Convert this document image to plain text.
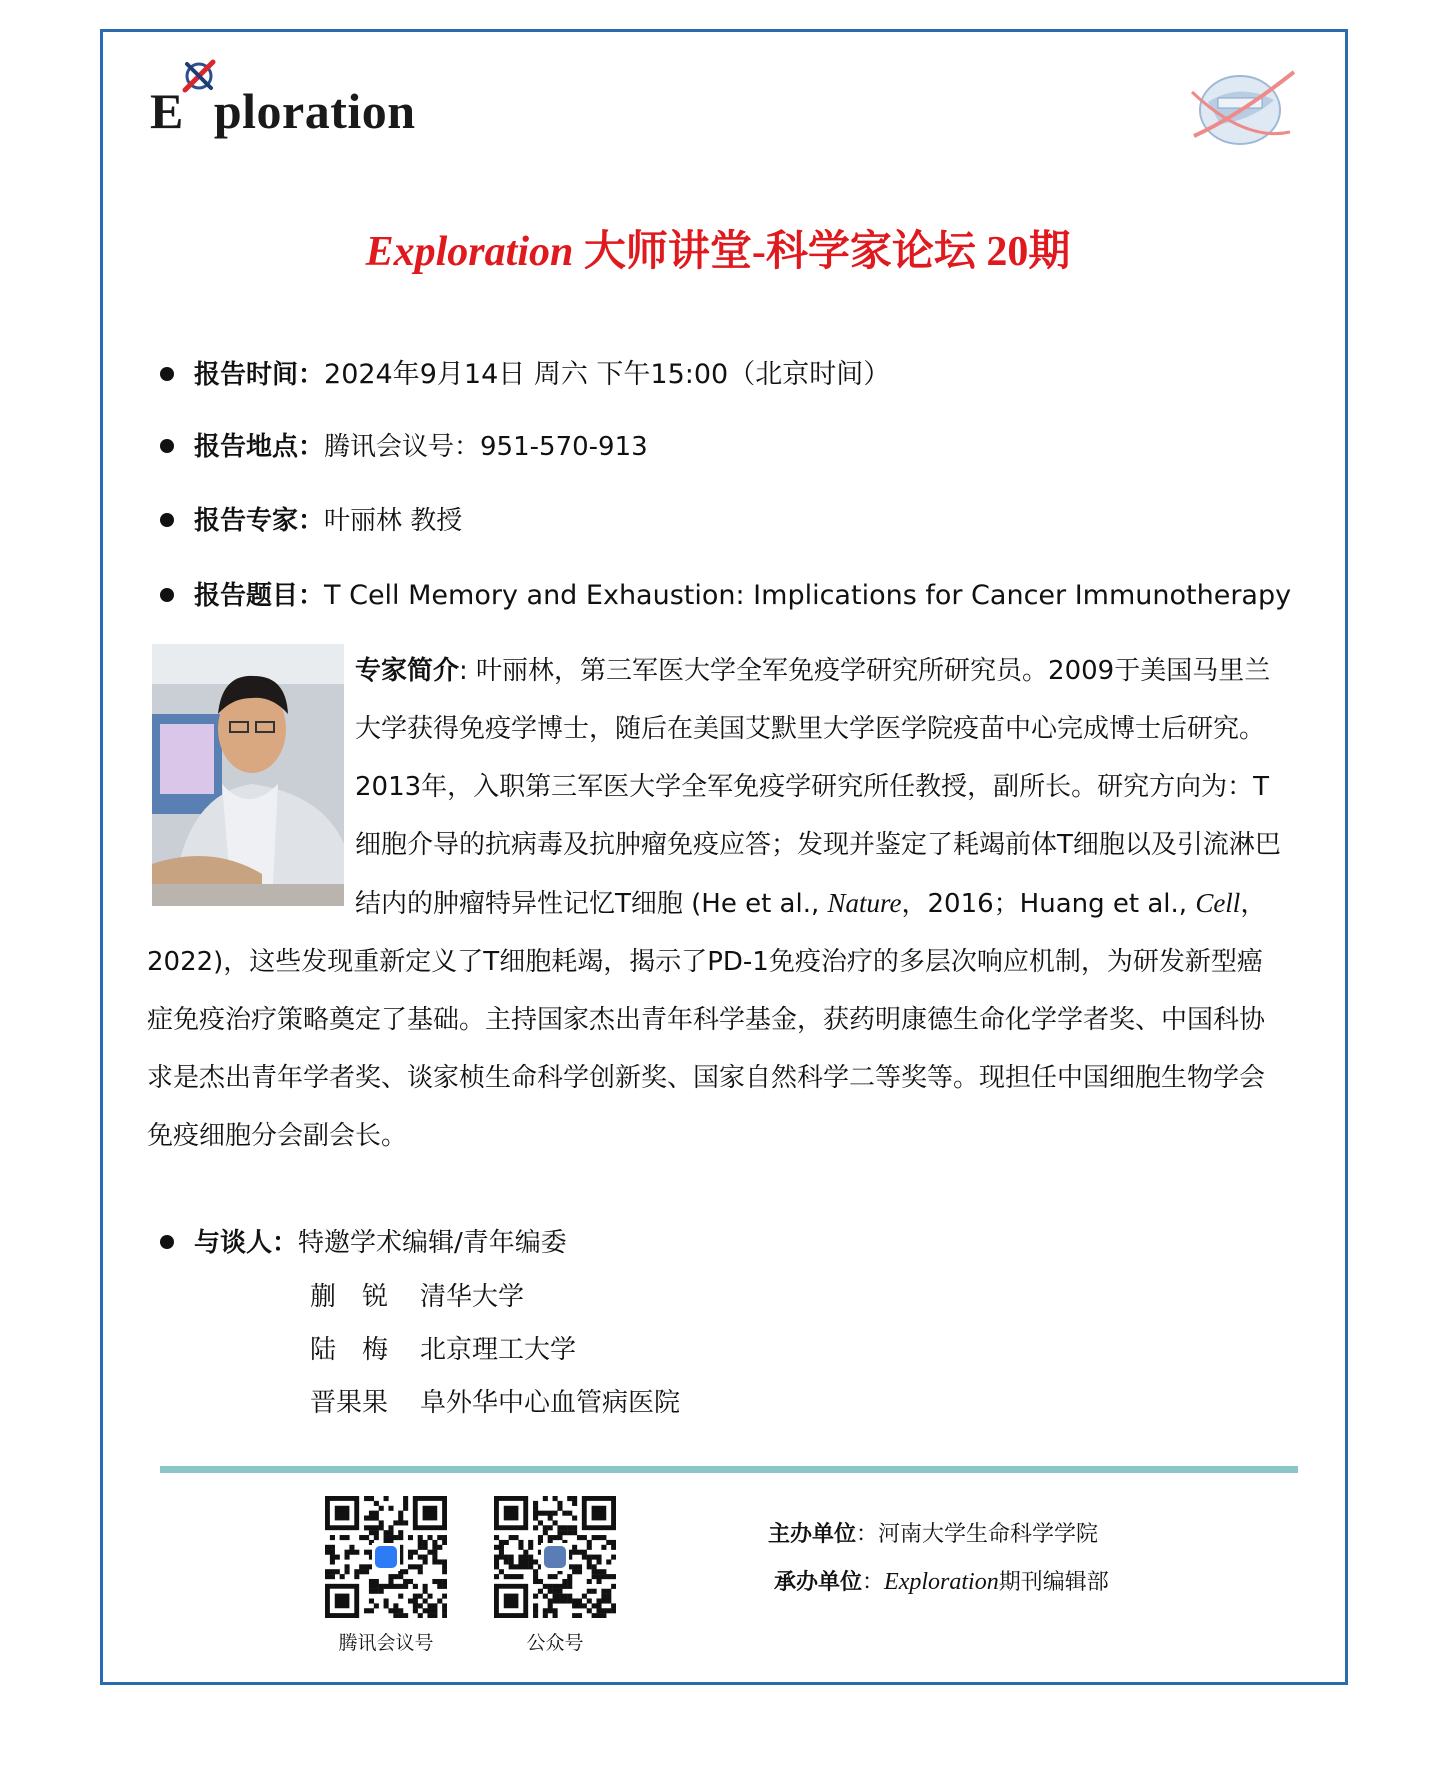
E ploration
Exploration 大师讲堂-科学家论坛 20期
报告时间：2024年9月14日 周六 下午15:00（北京时间）
报告地点：腾讯会议号：951-570-913
报告专家：叶丽林 教授
报告题目：T Cell Memory and Exhaustion: Implications for Cancer Immunotherapy
专家简介: 叶丽林，第三军医大学全军免疫学研究所研究员。2009于美国马里兰大学获得免疫学博士，随后在美国艾默里大学医学院疫苗中心完成博士后研究。2013年，入职第三军医大学全军免疫学研究所任教授，副所长。研究方向为：T细胞介导的抗病毒及抗肿瘤免疫应答；发现并鉴定了耗竭前体T细胞以及引流淋巴结内的肿瘤特异性记忆T细胞 (He et al., Nature，2016；Huang et al., Cell，2022)，这些发现重新定义了T细胞耗竭，揭示了PD-1免疫治疗的多层次响应机制，为研发新型癌症免疫治疗策略奠定了基础。主持国家杰出青年科学基金，获药明康德生命化学学者奖、中国科协求是杰出青年学者奖、谈家桢生命科学创新奖、国家自然科学二等奖等。现担任中国细胞生物学会免疫细胞分会副会长。
与谈人：特邀学术编辑/青年编委
蒯　锐 清华大学
陆　梅 北京理工大学
晋果果 阜外华中心血管病医院
腾讯会议号	公众号
主办单位：河南大学生命科学学院
承办单位：Exploration期刊编辑部
